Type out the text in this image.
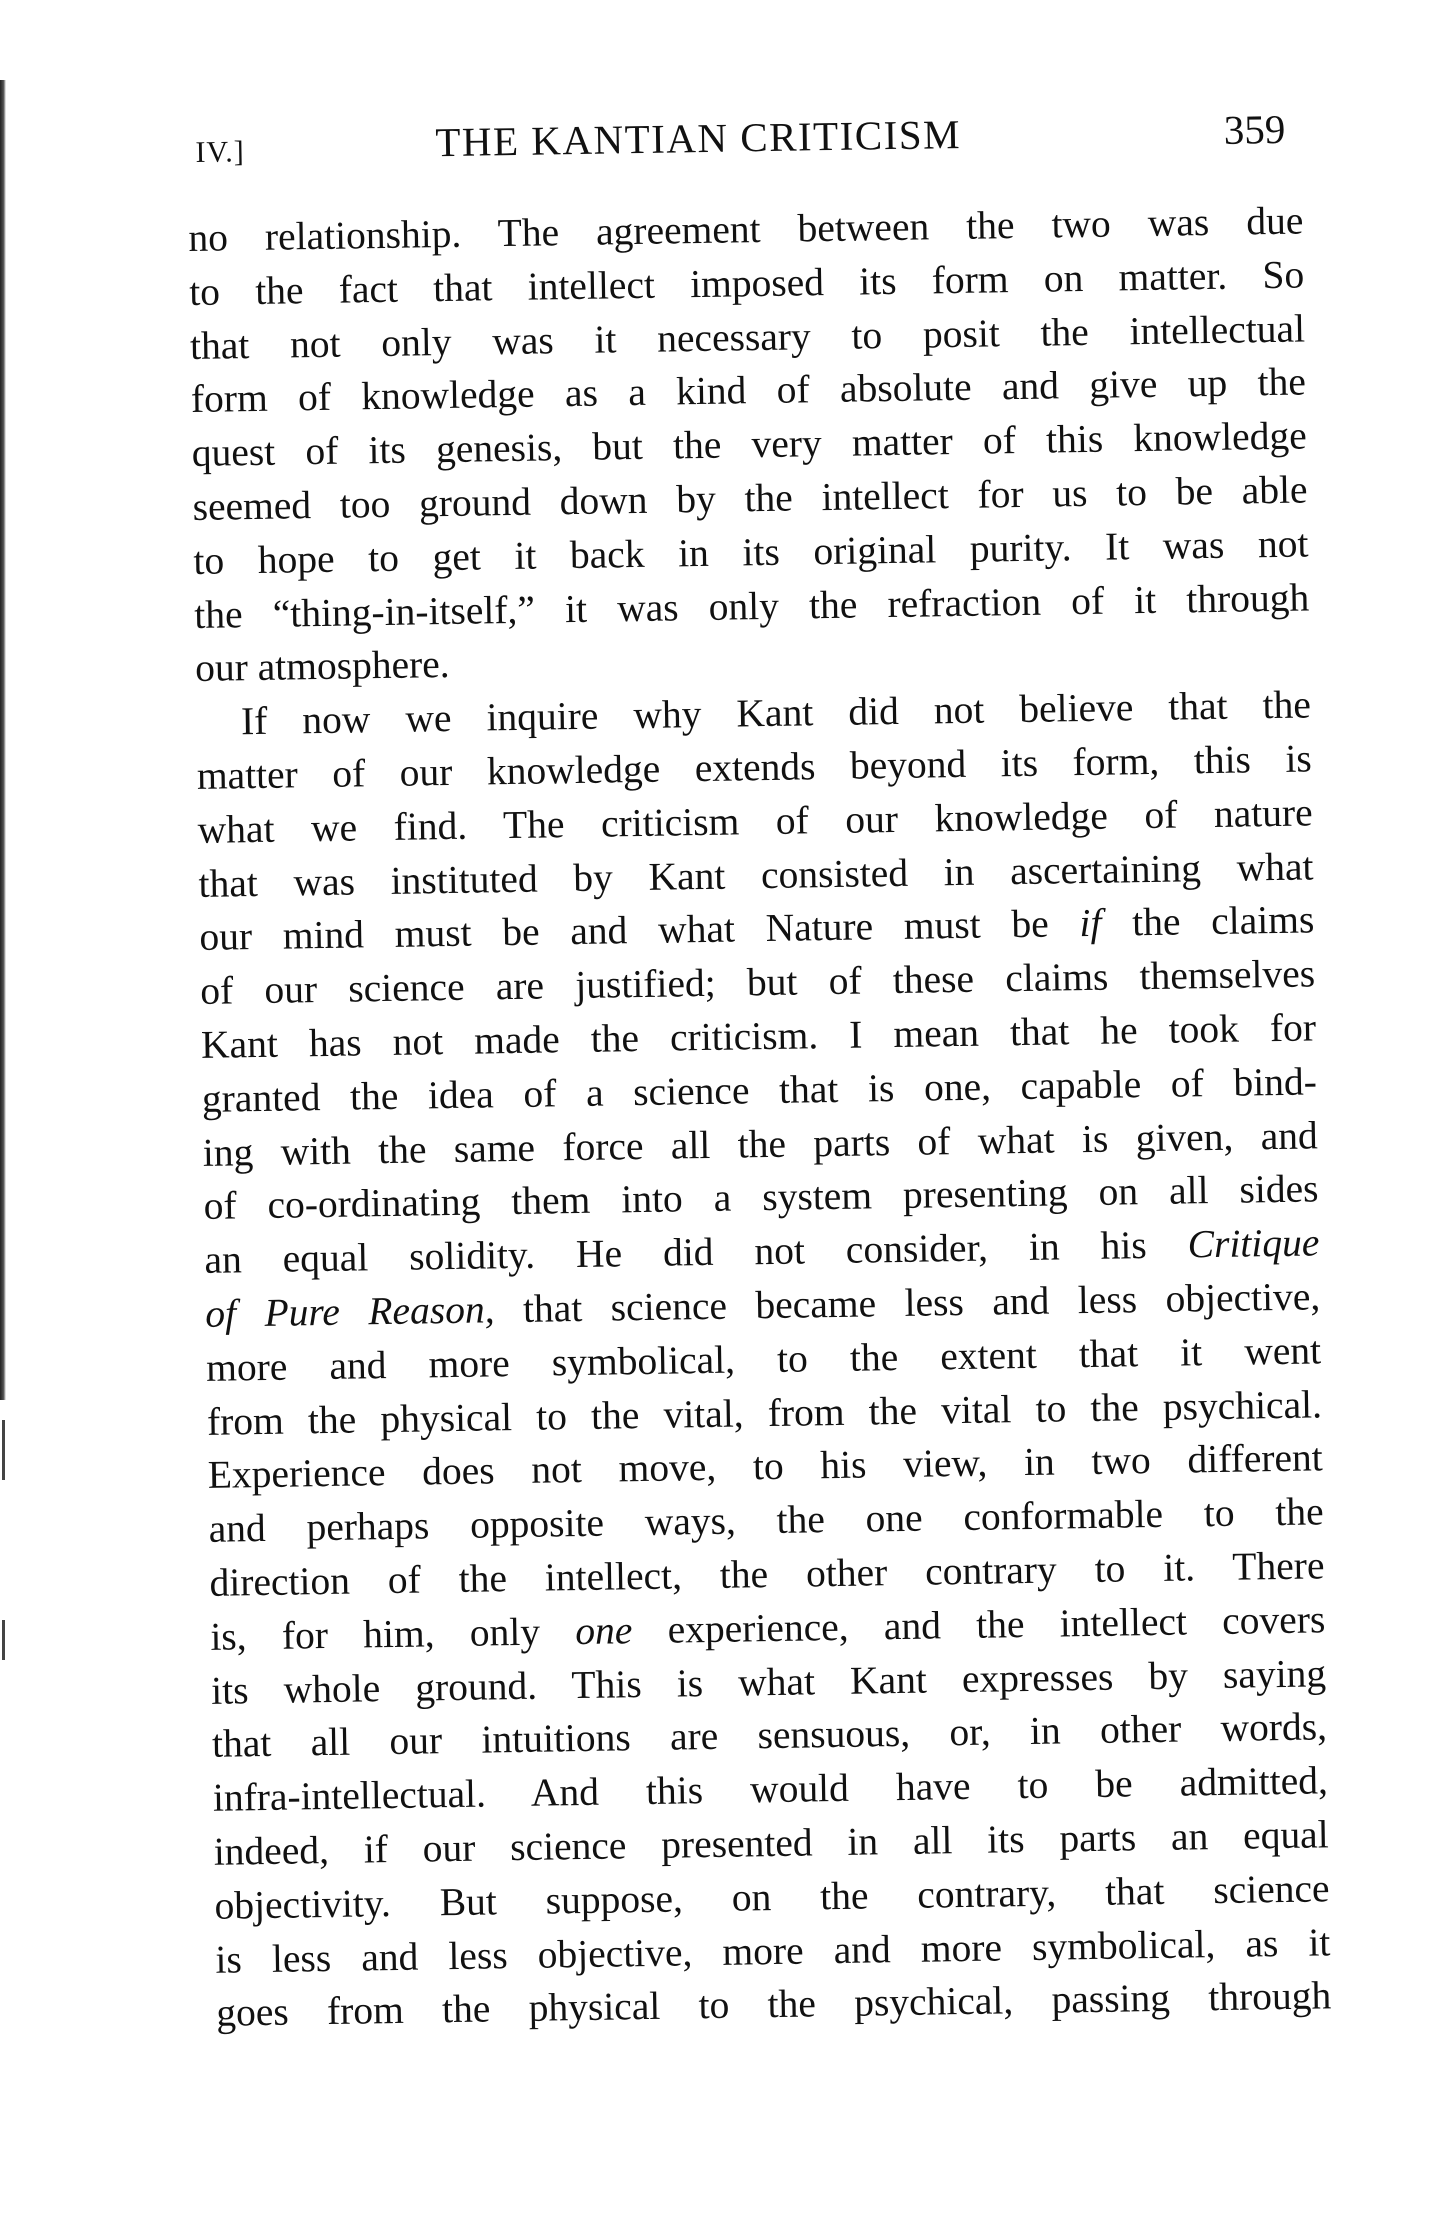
IV.]	THE KANTIAN CRITICISM	359
no relationship. The agreement between the two was due
to the fact that intellect imposed its form on matter. So
that not only was it necessary to posit the intellectual
form of knowledge as a kind of absolute and give up the
quest of its genesis, but the very matter of this knowledge
seemed too ground down by the intellect for us to be able
to hope to get it back in its original purity. It was not
the “thing-in-itself,” it was only the refraction of it through
our atmosphere.
If now we inquire why Kant did not believe that the
matter of our knowledge extends beyond its form, this is
what we find. The criticism of our knowledge of nature
that was instituted by Kant consisted in ascertaining what
our mind must be and what Nature must be if the claims
of our science are justified; but of these claims themselves
Kant has not made the criticism. I mean that he took for
granted the idea of a science that is one, capable of bind-
ing with the same force all the parts of what is given, and
of co-ordinating them into a system presenting on all sides
an equal solidity. He did not consider, in his Critique
of Pure Reason, that science became less and less objective,
more and more symbolical, to the extent that it went
from the physical to the vital, from the vital to the psychical.
Experience does not move, to his view, in two different
and perhaps opposite ways, the one conformable to the
direction of the intellect, the other contrary to it. There
is, for him, only one experience, and the intellect covers
its whole ground. This is what Kant expresses by saying
that all our intuitions are sensuous, or, in other words,
infra-intellectual. And this would have to be admitted,
indeed, if our science presented in all its parts an equal
objectivity. But suppose, on the contrary, that science
is less and less objective, more and more symbolical, as it
goes from the physical to the psychical, passing through
